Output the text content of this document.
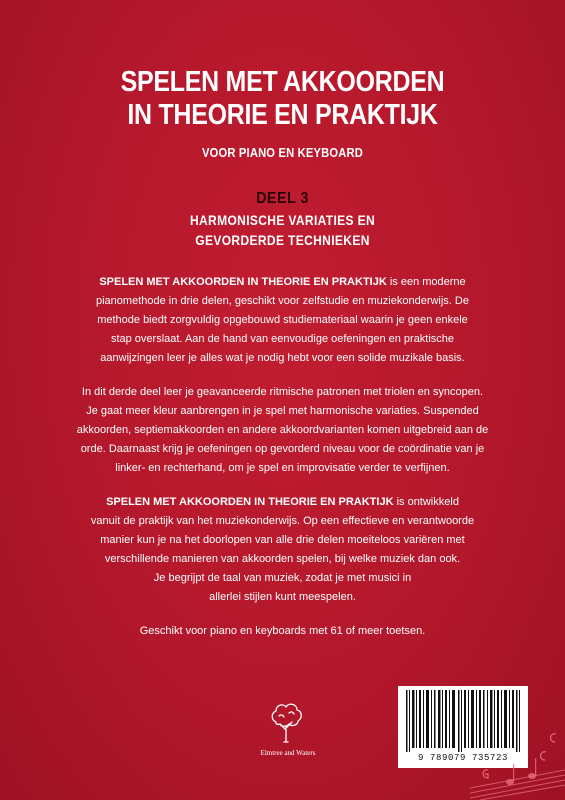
SPELEN MET AKKOORDEN
IN THEORIE EN PRAKTIJK
VOOR PIANO EN KEYBOARD
DEEL 3
HARMONISCHE VARIATIES EN
GEVORDERDE TECHNIEKEN
SPELEN MET AKKOORDEN IN THEORIE EN PRAKTIJK is een moderne
pianomethode in drie delen, geschikt voor zelfstudie en muziekonderwijs. De
methode biedt zorgvuldig opgebouwd studiemateriaal waarin je geen enkele
stap overslaat. Aan de hand van eenvoudige oefeningen en praktische
aanwijzingen leer je alles wat je nodig hebt voor een solide muzikale basis.
In dit derde deel leer je geavanceerde ritmische patronen met triolen en syncopen.
Je gaat meer kleur aanbrengen in je spel met harmonische variaties. Suspended
akkoorden, septiemakkoorden en andere akkoordvarianten komen uitgebreid aan de
orde. Daarnaast krijg je oefeningen op gevorderd niveau voor de coördinatie van je
linker- en rechterhand, om je spel en improvisatie verder te verfijnen.
SPELEN MET AKKOORDEN IN THEORIE EN PRAKTIJK is ontwikkeld
vanuit de praktijk van het muziekonderwijs. Op een effectieve en verantwoorde
manier kun je na het doorlopen van alle drie delen moeiteloos variëren met
verschillende manieren van akkoorden spelen, bij welke muziek dan ook.
Je begrijpt de taal van muziek, zodat je met musici in
allerlei stijlen kunt meespelen.
Geschikt voor piano en keyboards met 61 of meer toetsen.
Elmtree and Waters	9 789079 735723
